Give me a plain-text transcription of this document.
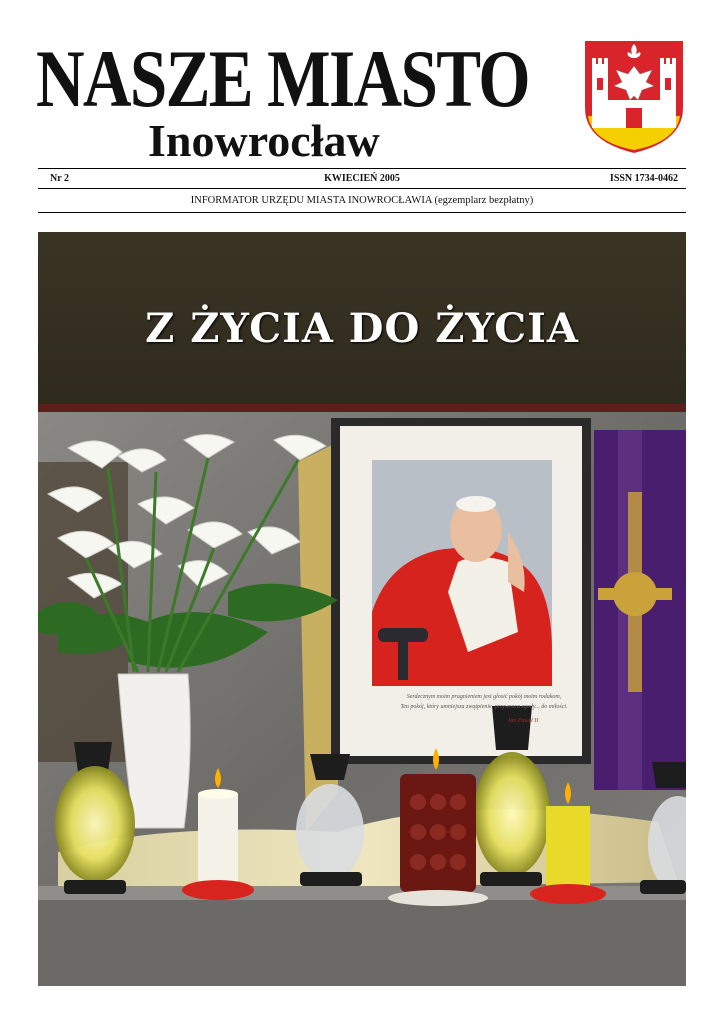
NASZE MIASTO
Inowrocław
Nr 2	KWIECIEŃ 2005	ISSN 1734-0462
INFORMATOR URZĘDU MIASTA INOWROCŁAWIA (egzemplarz bezpłatny)
Z ŻYCIA DO ŻYCIA
Serdecznym moim pragnieniem jest głosić pokój moim rodakom,
Ten pokój, który umniejsza zwątpienie, przywraca zgody... do miłości.
Jan Paweł II
